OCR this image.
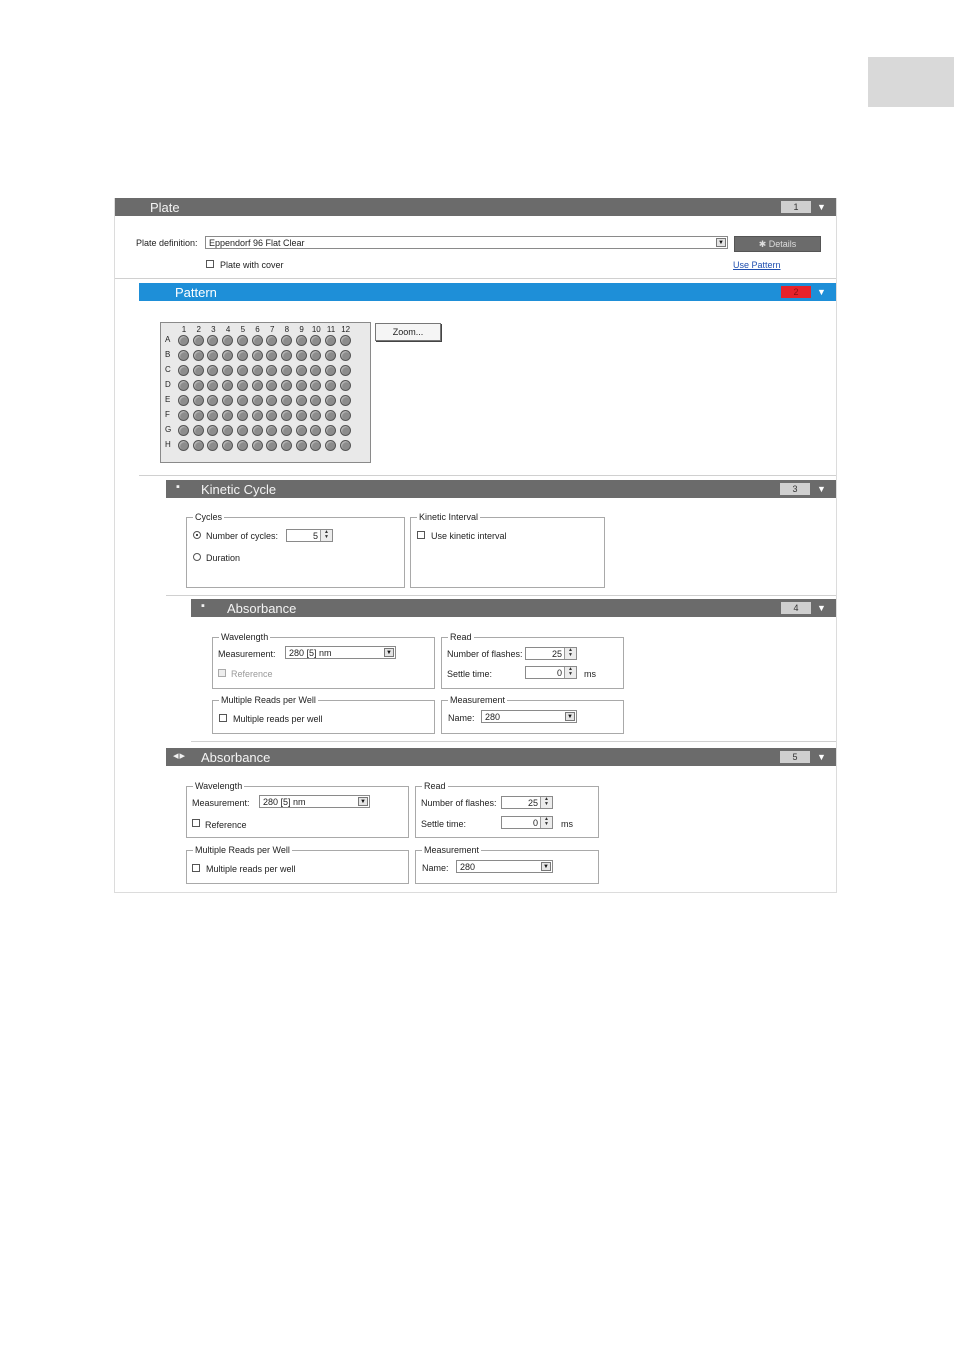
Plate	1	▼
Plate definition:	Eppendorf 96 Flat Clear	▼	✱ Details
Plate with cover	Use Pattern
Pattern	2	▼
1	2	3	4	5	6	7	8	9	10 11 12
A
B
C
D
E
F
G
H
Zoom...
▪ Kinetic Cycle	3	▼
Cycles
Number of cycles:	5	▲
▼
Duration
Kinetic Interval
Use kinetic interval
▪ Absorbance	4	▼
Wavelength
Measurement:	280 [5] nm	▼
Reference
Read
Number of flashes:	25	▲
▼
Settle time:	0	▲
▼	ms
Multiple Reads per Well
Multiple reads per well
Measurement
Name:	280	▼
◂▸ Absorbance	5	▼
Wavelength
Measurement:	280 [5] nm	▼
Reference
Read
Number of flashes:	25	▲
▼
Settle time:	0	▲
▼	ms
Multiple Reads per Well
Multiple reads per well
Measurement
Name:	280	▼
